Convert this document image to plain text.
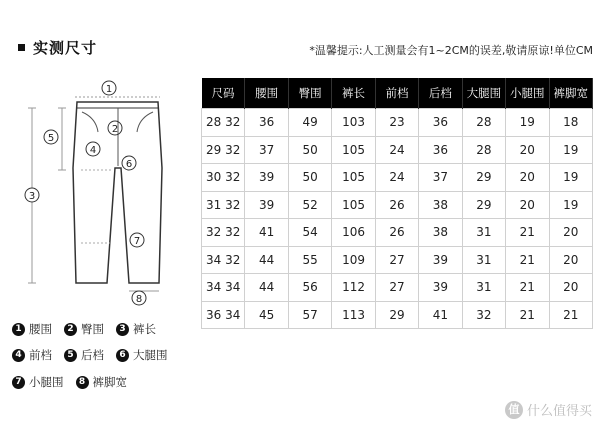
实测尺寸	*温馨提示:人工测量会有1~2CM的误差,敬请原谅!单位CM
1
2
3
4
5
6
7
8
尺码	腰围	臀围	裤长	前档	后档	大腿围	小腿围	裤脚宽
28 32	36	49	103	23	36	28	19	18
29 32	37	50	105	24	36	28	20	19
30 32	39	50	105	24	37	29	20	19
31 32	39	52	105	26	38	29	20	19
32 32	41	54	106	26	38	31	21	20
34 32	44	55	109	27	39	31	21	20
34 34	44	56	112	27	39	31	21	20
36 34	45	57	113	29	41	32	21	21
1 腰围	2 臀围	3 裤长
4 前档	5 后档	6 大腿围
7 小腿围	8 裤脚宽
值 什么值得买
